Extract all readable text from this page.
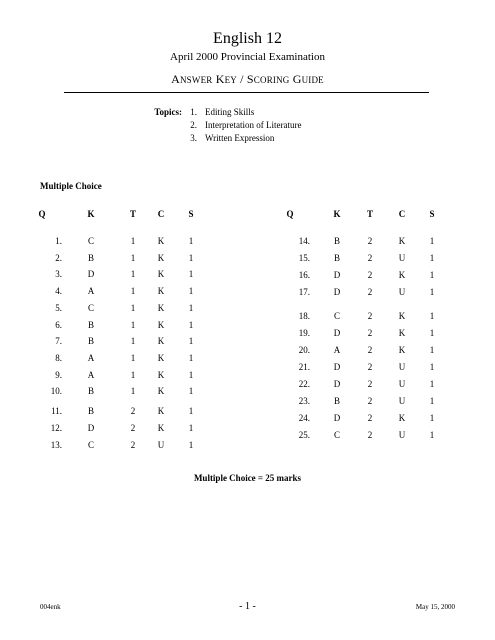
English 12
April 2000 Provincial Examination
ANSWER KEY / SCORING GUIDE
Topics: 1. Editing Skills
2. Interpretation of Literature
3. Written Expression
Multiple Choice
Q	K	T	C	S
1.	C	1	K	1
2.	B	1	K	1
3.	D	1	K	1
4.	A	1	K	1
5.	C	1	K	1
6.	B	1	K	1
7.	B	1	K	1
8.	A	1	K	1
9.	A	1	K	1
10.	B	1	K	1
11.	B	2	K	1
12.	D	2	K	1
13.	C	2	U	1
Q	K	T	C	S
14.	B	2	K	1
15.	B	2	U	1
16.	D	2	K	1
17.	D	2	U	1
18.	C	2	K	1
19.	D	2	K	1
20.	A	2	K	1
21.	D	2	U	1
22.	D	2	U	1
23.	B	2	U	1
24.	D	2	K	1
25.	C	2	U	1
Multiple Choice = 25 marks
004enk	- 1 -	May 15, 2000
